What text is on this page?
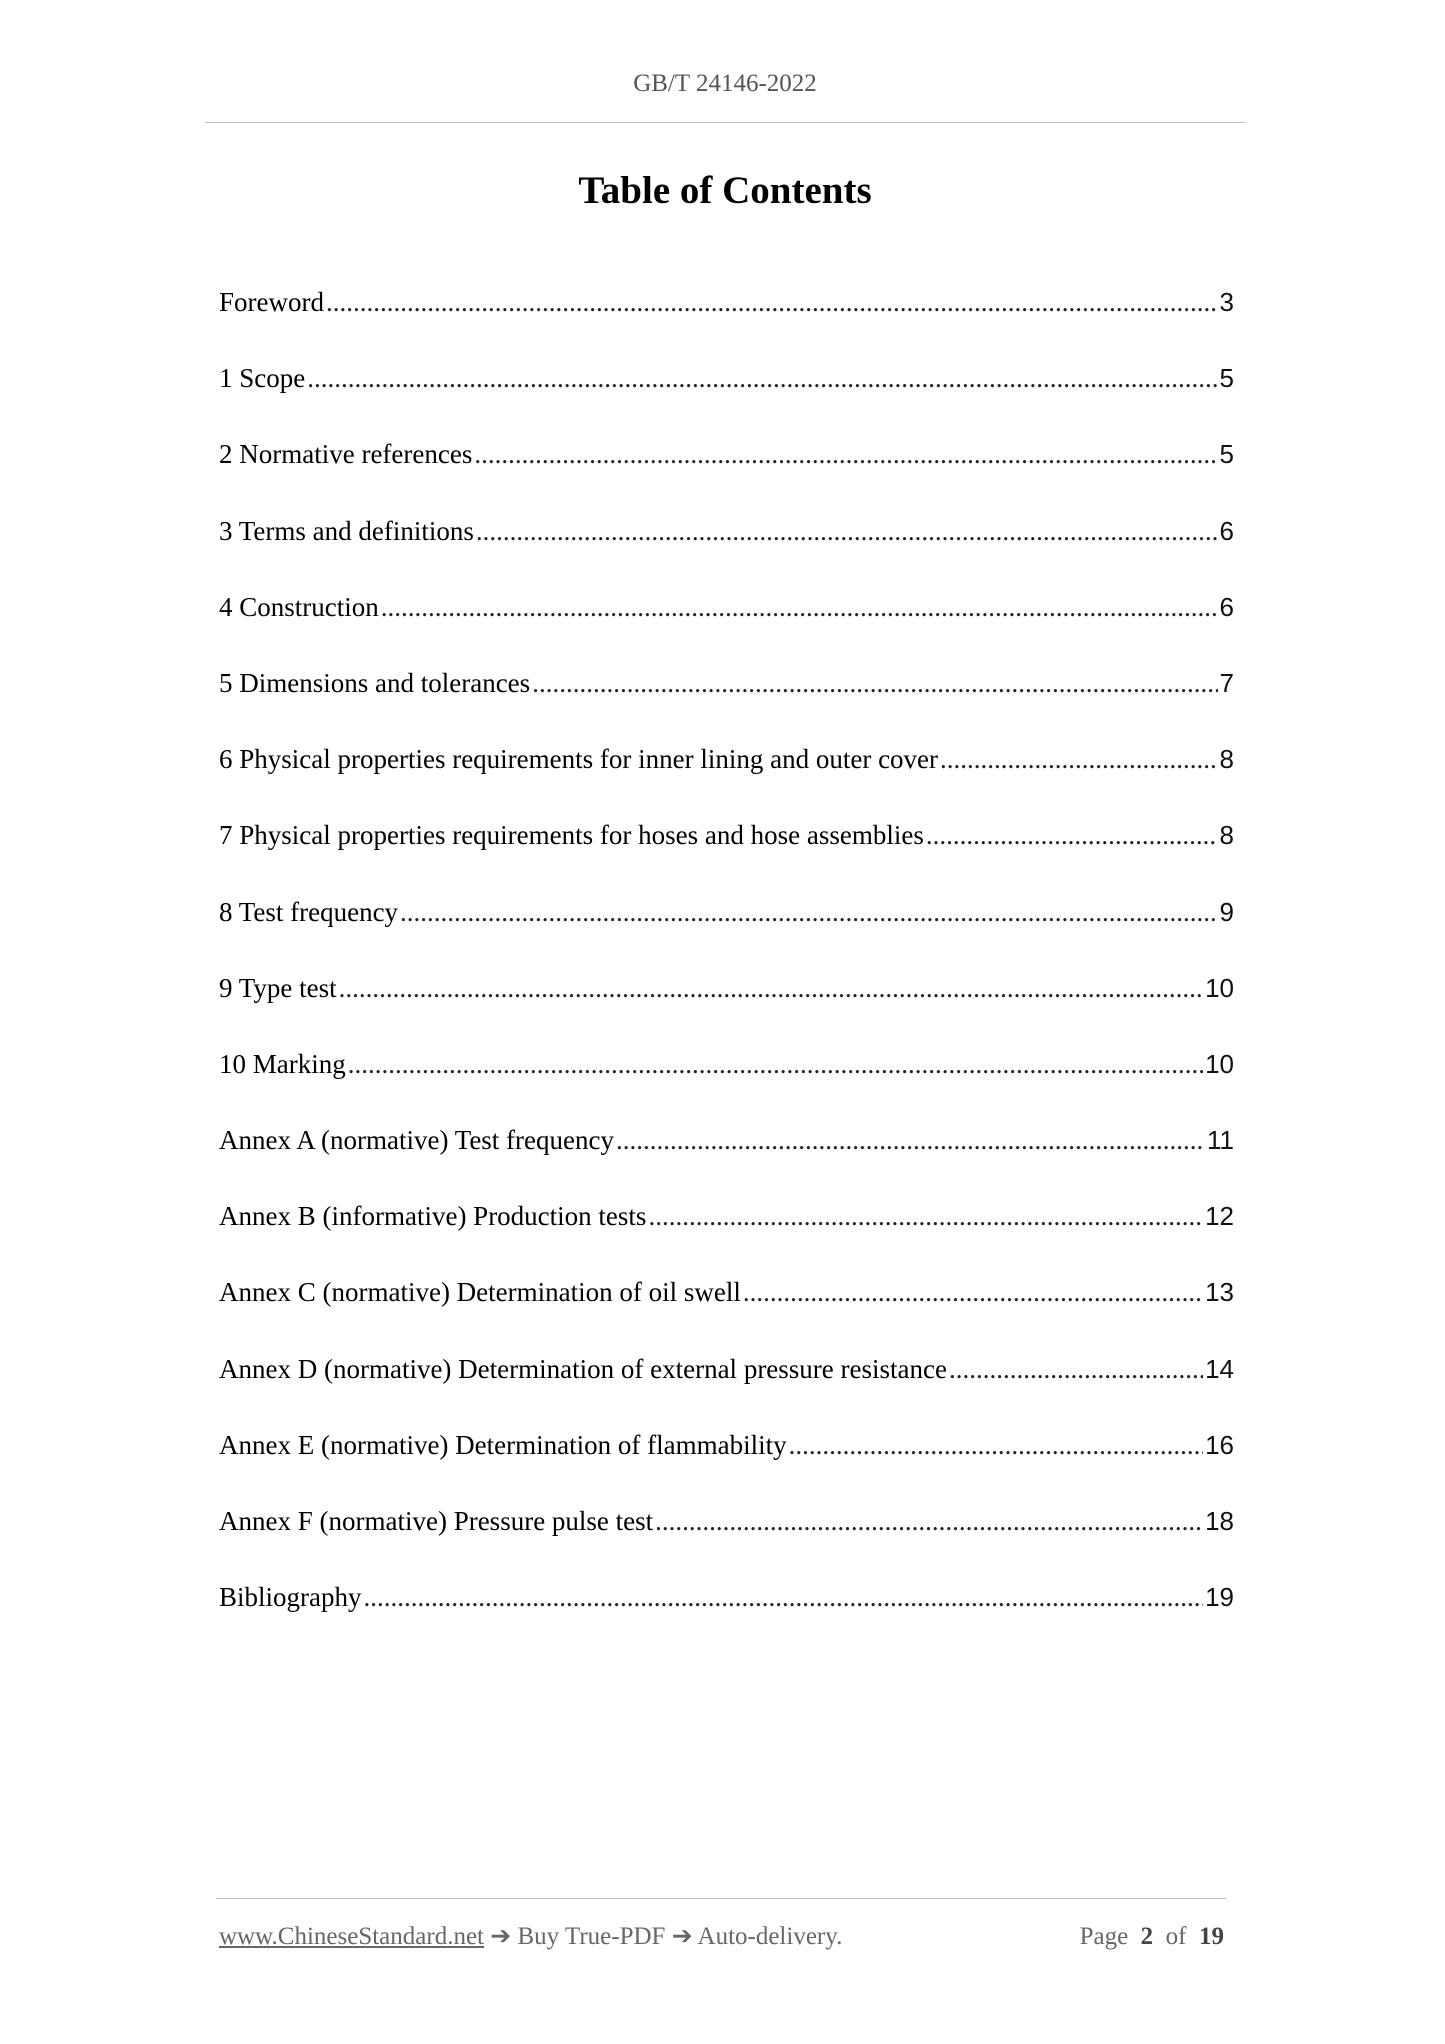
GB/T 24146-2022
Table of Contents
Foreword .....	3
1 Scope .....	5
2 Normative references .....	5
3 Terms and definitions .....	6
4 Construction .....	6
5 Dimensions and tolerances .....	7
6 Physical properties requirements for inner lining and outer cover .....	8
7 Physical properties requirements for hoses and hose assemblies .....	8
8 Test frequency .....	9
9 Type test .....	10
10 Marking .....	10
Annex A (normative) Test frequency .....	11
Annex B (informative) Production tests .....	12
Annex C (normative) Determination of oil swell .....	13
Annex D (normative) Determination of external pressure resistance .....	14
Annex E (normative) Determination of flammability .....	16
Annex F (normative) Pressure pulse test .....	18
Bibliography .....	19
www.ChineseStandard.net ➔ Buy True-PDF ➔ Auto-delivery.	Page 2 of 19
